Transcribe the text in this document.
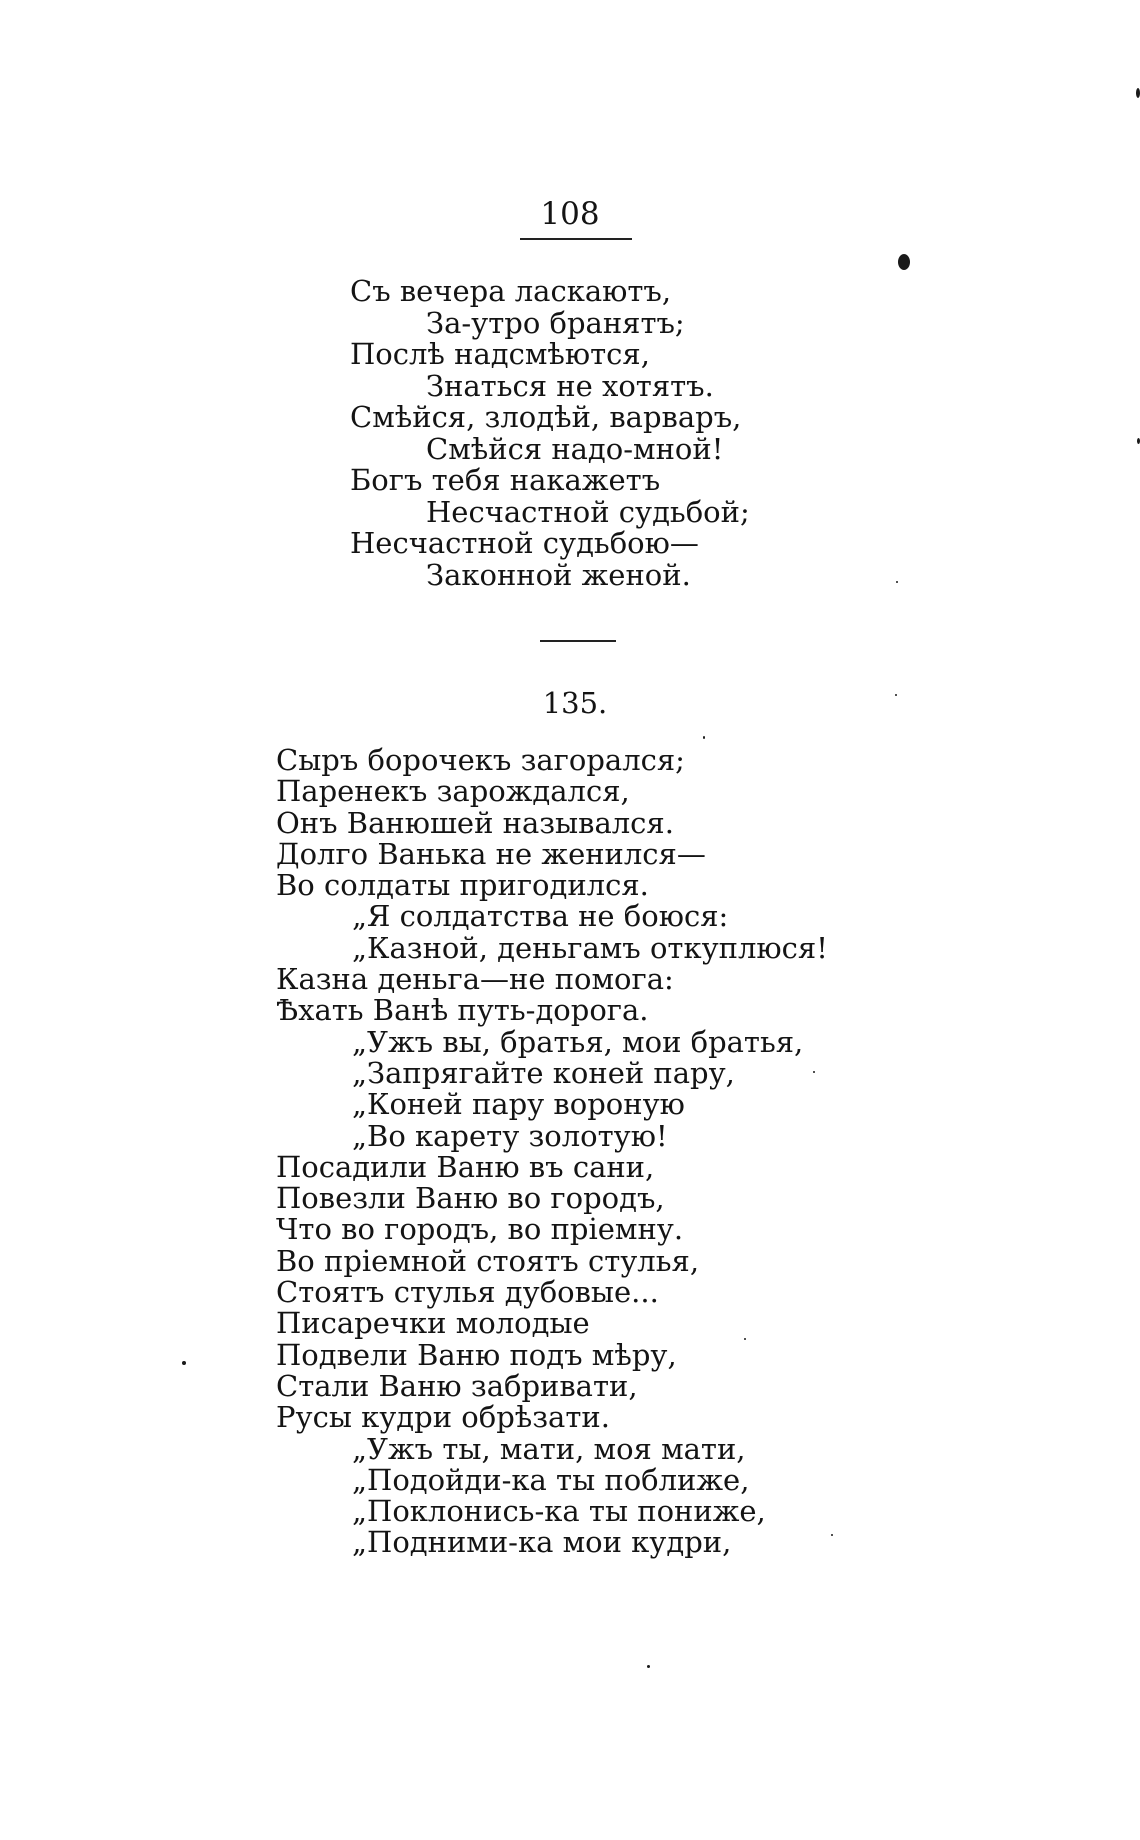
108
Съ вечера ласкаютъ,
За-утро бранятъ;
Послѣ надсмѣются,
Знаться не хотятъ.
Смѣйся, злодѣй, варваръ,
Смѣйся надо-мной!
Богъ тебя накажетъ
Несчастной судьбой;
Несчастной судьбою—
Законной женой.
135.
Сыръ борочекъ загорался;
Паренекъ зарождался,
Онъ Ванюшей назывался.
Долго Ванька не женился—
Во солдаты пригодился.
„Я солдатства не боюся:
„Казной, деньгамъ откуплюся!
Казна деньга—не помога:
Ѣхать Ванѣ путь-дорога.
„Ужъ вы, братья, мои братья,
„Запрягайте коней пару,
„Коней пару вороную
„Во карету золотую!
Посадили Ваню въ сани,
Повезли Ваню во городъ,
Что во городъ, во пріемну.
Во пріемной стоятъ стулья,
Стоятъ стулья дубовые...
Писаречки молодые
Подвели Ваню подъ мѣру,
Стали Ваню забривати,
Русы кудри обрѣзати.
„Ужъ ты, мати, моя мати,
„Подойди-ка ты поближе,
„Поклонись-ка ты пониже,
„Подними-ка мои кудри,
